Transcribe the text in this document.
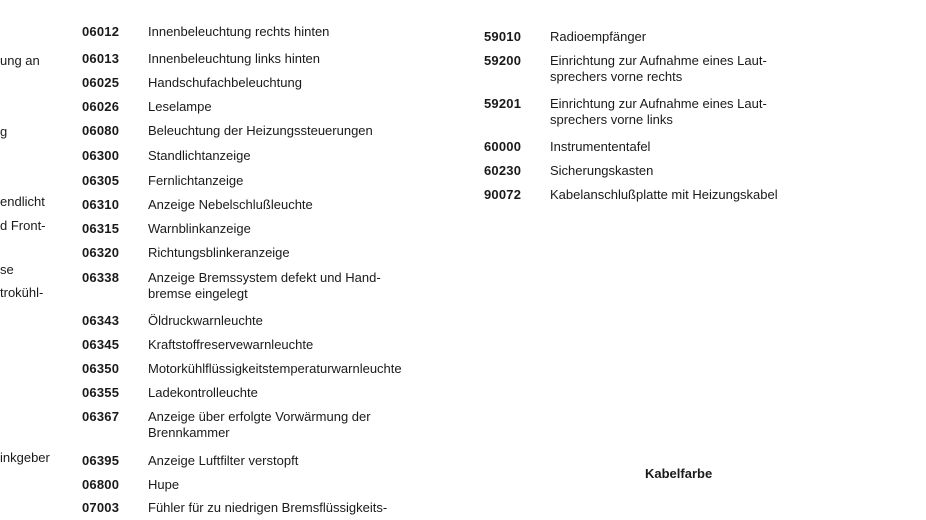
ung an
g
endlicht
d Front-
se
trokühl-
inkgeber
06012	Innenbeleuchtung rechts hinten
06013	Innenbeleuchtung links hinten
06025	Handschufachbeleuchtung
06026	Leselampe
06080	Beleuchtung der Heizungssteuerungen
06300	Standlichtanzeige
06305	Fernlichtanzeige
06310	Anzeige Nebelschlußleuchte
06315	Warnblinkanzeige
06320	Richtungsblinkeranzeige
06338	Anzeige Bremssystem defekt und Hand-
bremse eingelegt
06343	Öldruckwarnleuchte
06345	Kraftstoffreservewarnleuchte
06350	Motorkühlflüssigkeitstemperaturwarnleuchte
06355	Ladekontrolleuchte
06367	Anzeige über erfolgte Vorwärmung der
Brennkammer
06395	Anzeige Luftfilter verstopft
06800	Hupe
07003	Fühler für zu niedrigen Bremsflüssigkeits-
59010	Radioempfänger
59200	Einrichtung zur Aufnahme eines Laut-
sprechers vorne rechts
59201	Einrichtung zur Aufnahme eines Laut-
sprechers vorne links
60000	Instrumententafel
60230	Sicherungskasten
90072	Kabelanschlußplatte mit Heizungskabel
Kabelfarbe
